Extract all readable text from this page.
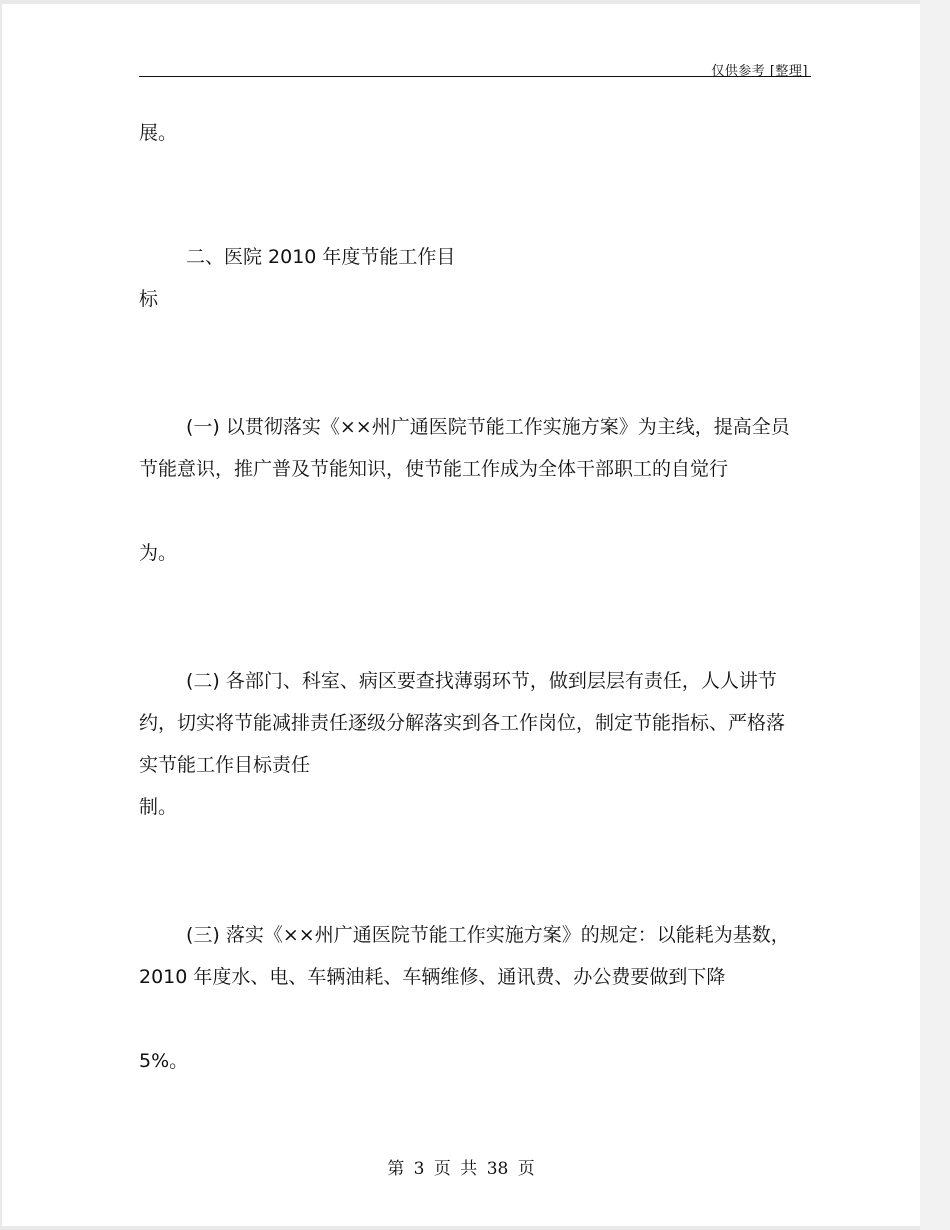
仅供参考 [整理]

展。

二、医院 2010 年度节能工作目

标

(一) 以贯彻落实《××州广通医院节能工作实施方案》为主线，提高全员节能意识，推广普及节能知识，使节能工作成为全体干部职工的自觉行

为。

(二) 各部门、科室、病区要查找薄弱环节，做到层层有责任，人人讲节约，切实将节能减排责任逐级分解落实到各工作岗位，制定节能指标、严格落实节能工作目标责任

制。

(三) 落实《××州广通医院节能工作实施方案》的规定：以能耗为基数，2010 年度水、电、车辆油耗、车辆维修、通讯费、办公费要做到下降

5%。

第 3 页 共 38 页
